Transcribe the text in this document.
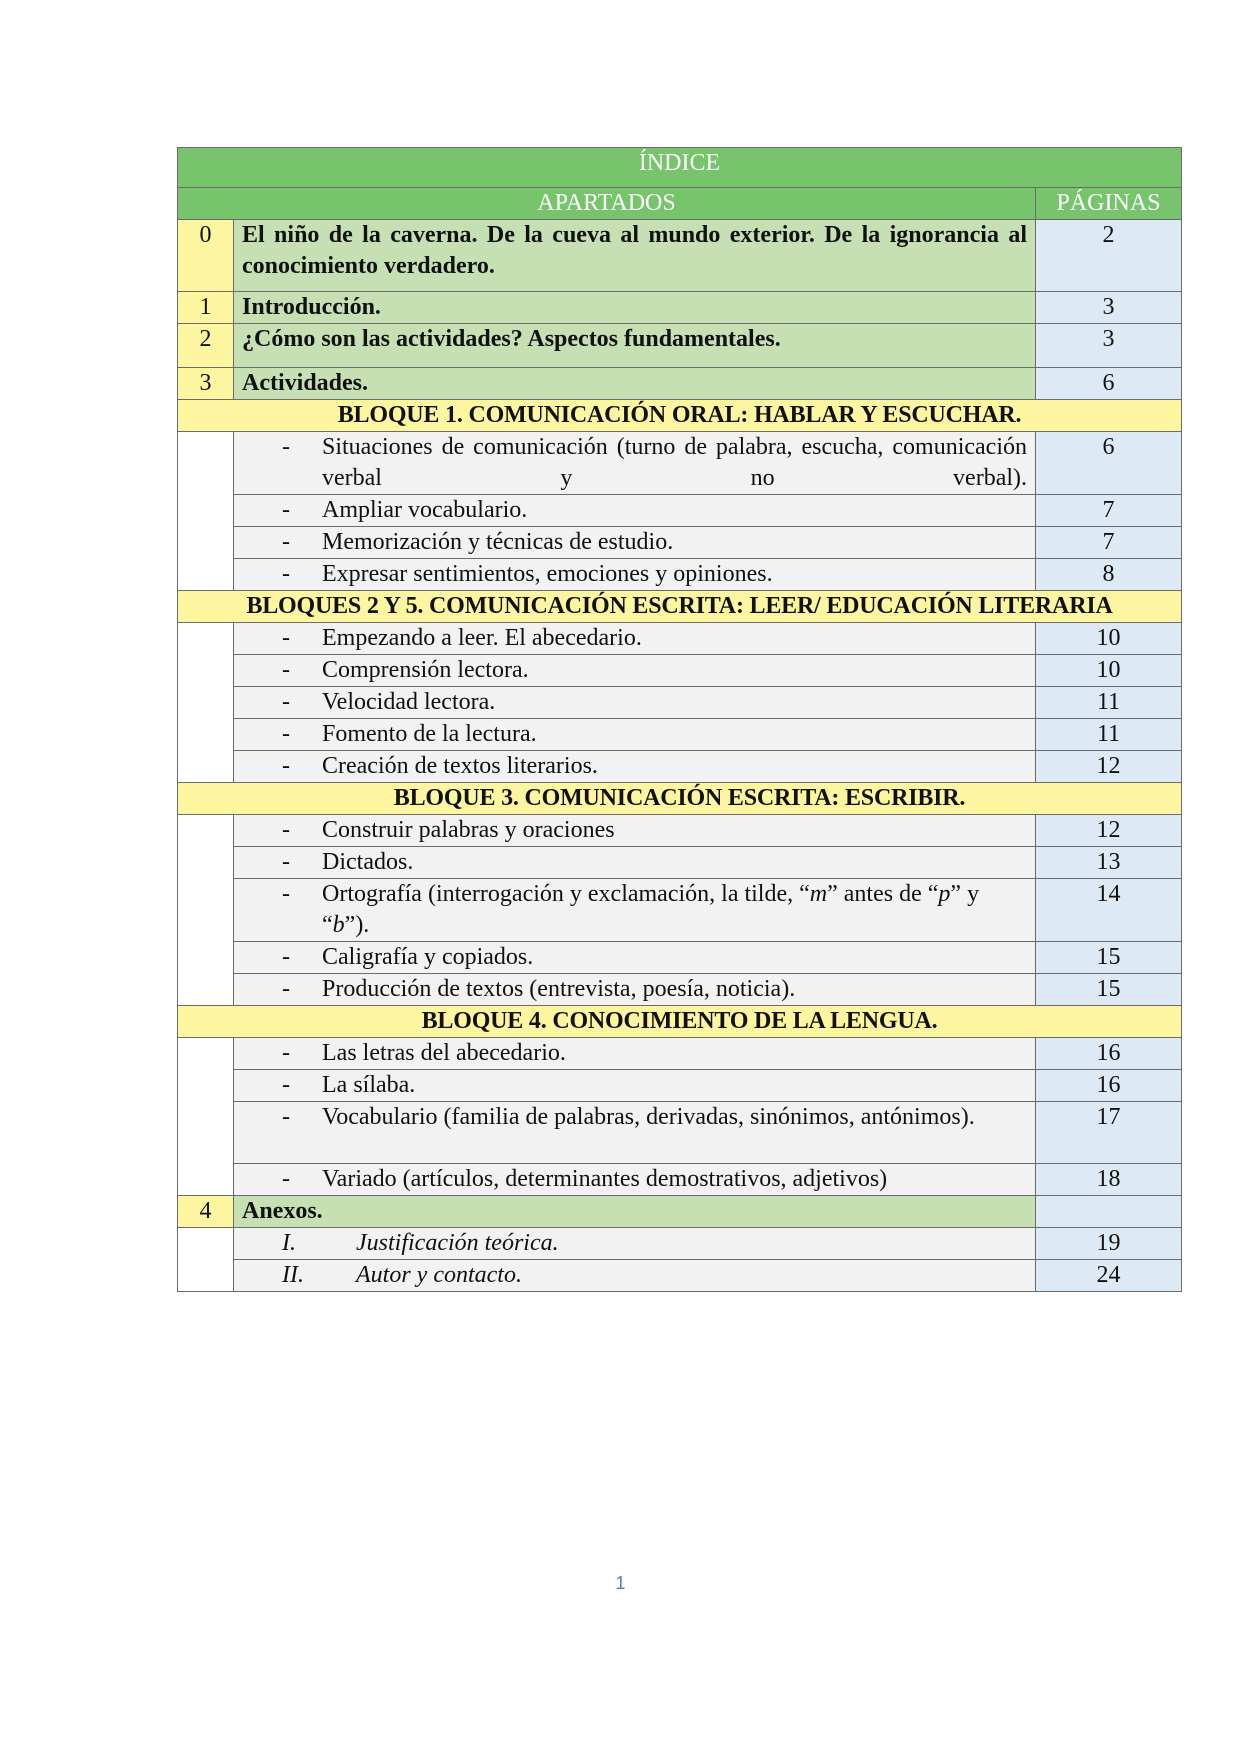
ÍNDICE		
APARTADOS		PÁGINAS
0	El niño de la caverna. De la cueva al mundo exterior. De la ignorancia al conocimiento verdadero.	2
1	Introducción.	3
2	¿Cómo son las actividades? Aspectos fundamentales.	3
3	Actividades.	6
BLOQUE 1. COMUNICACIÓN ORAL: HABLAR Y ESCUCHAR.		

	- Situaciones de comunicación (turno de palabra, escucha, comunicación verbal y no verbal).	6

	- Ampliar vocabulario.	7

	- Memorización y técnicas de estudio.	7

	- Expresar sentimientos, emociones y opiniones.	8
BLOQUES 2 Y 5. COMUNICACIÓN ESCRITA: LEER/ EDUCACIÓN LITERARIA		

	- Empezando a leer. El abecedario.	10

	- Comprensión lectora.	10

	- Velocidad lectora.	11

	- Fomento de la lectura.	11

	- Creación de textos literarios.	12
BLOQUE 3. COMUNICACIÓN ESCRITA: ESCRIBIR.		

	- Construir palabras y oraciones	12

	- Dictados.	13

	- Ortografía (interrogación y exclamación, la tilde, “m” antes de “p” y “b”).	14

	- Caligrafía y copiados.	15

	- Producción de textos (entrevista, poesía, noticia).	15
BLOQUE 4. CONOCIMIENTO DE LA LENGUA.		

	- Las letras del abecedario.	16

	- La sílaba.	16

	- Vocabulario (familia de palabras, derivadas, sinónimos, antónimos).	17

	- Variado (artículos, determinantes demostrativos, adjetivos)	18
4	Anexos.	

	I. Justificación teórica.	19

	II. Autor y contacto.	24
1
